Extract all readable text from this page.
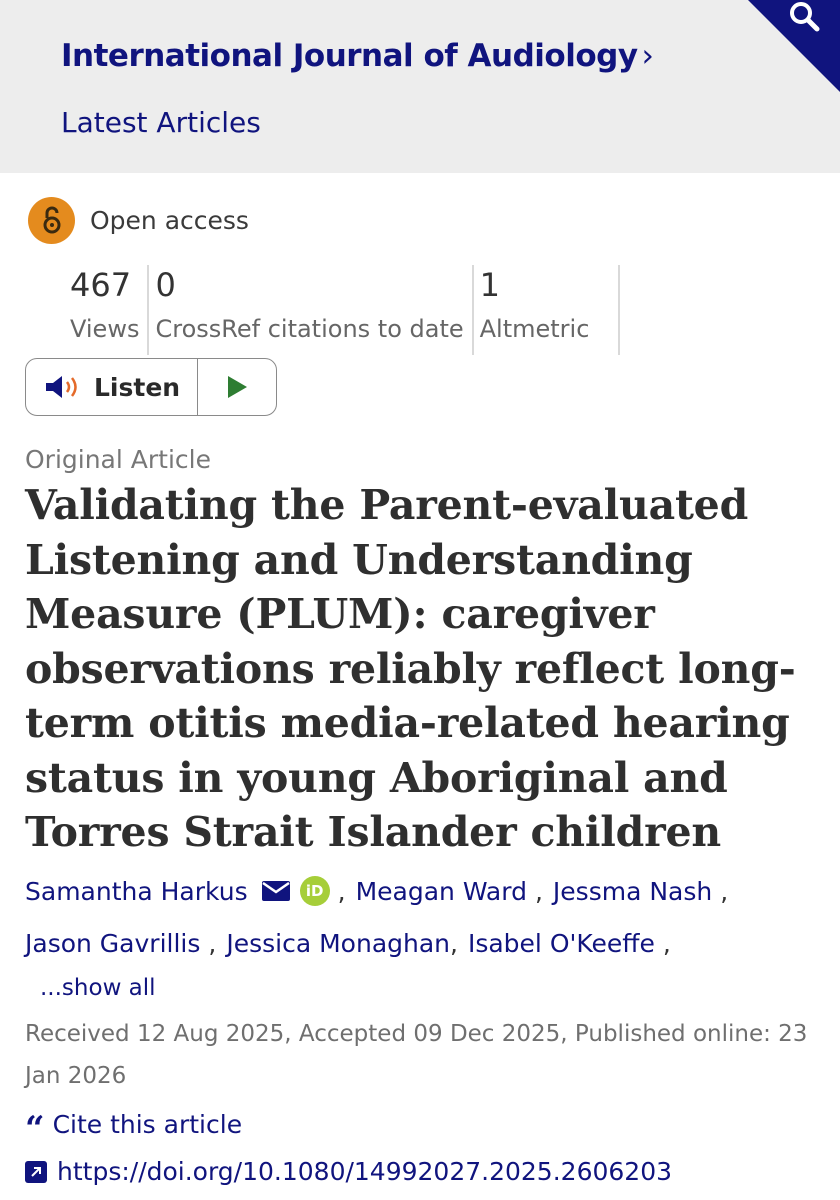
International Journal of Audiology ›
Latest Articles
Open access
467
Views
0
CrossRef citations to date
1
Altmetric
Listen
Original Article
Validating the Parent-evaluated
Listening and Understanding
Measure (PLUM): caregiver
observations reliably reflect long-
term otitis media-related hearing
status in young Aboriginal and
Torres Strait Islander children
Samantha Harkus	iD , Meagan Ward , Jessma Nash ,
Jason Gavrillis , Jessica Monaghan , Isabel O'Keeffe ,
...show all
Received 12 Aug 2025, Accepted 09 Dec 2025, Published online: 23
Jan 2026
“ Cite this article
https://doi.org/10.1080/14992027.2025.2606203
